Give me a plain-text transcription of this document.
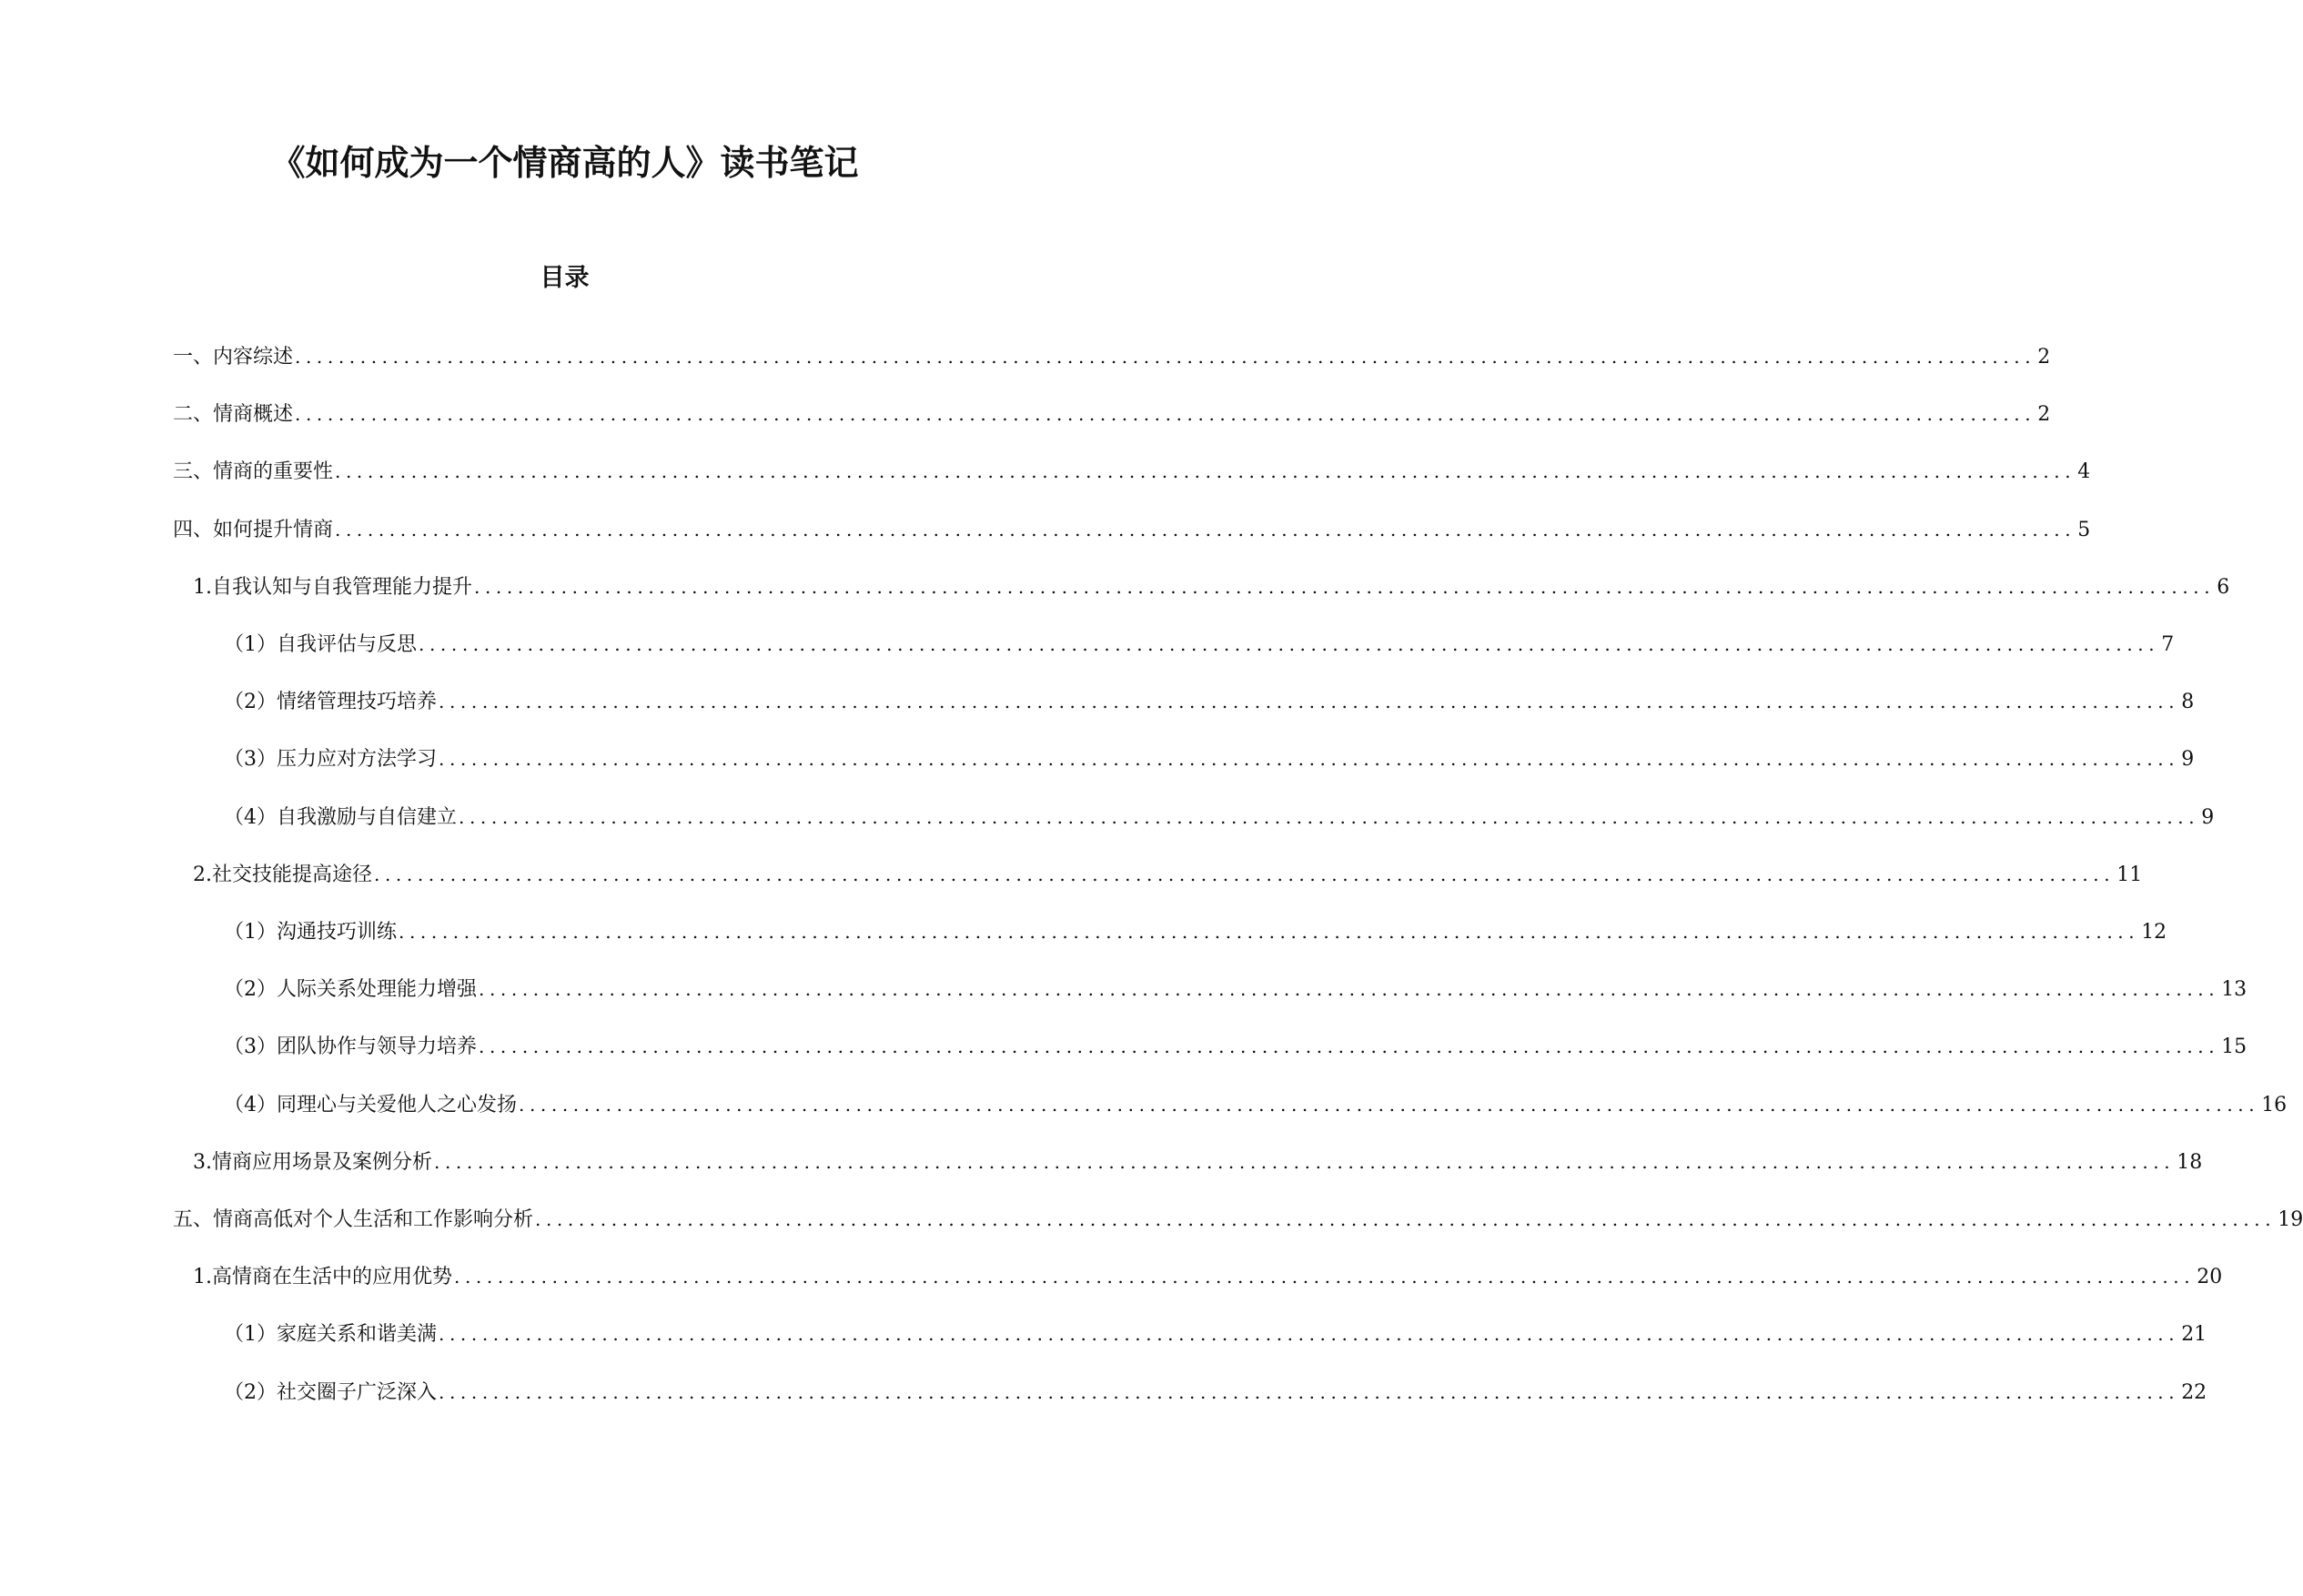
《如何成为一个情商高的人》读书笔记
目录
一、内容综述 ................................................................................................................................................................ 2
二、情商概述 ................................................................................................................................................................ 2
三、情商的重要性 ................................................................................................................................................................ 4
四、如何提升情商 ................................................................................................................................................................ 5
1. 自我认知与自我管理能力提升 ................................................................................................................................................................ 6
（1）自我评估与反思 ................................................................................................................................................................ 7
（2）情绪管理技巧培养 ................................................................................................................................................................ 8
（3）压力应对方法学习 ................................................................................................................................................................ 9
（4）自我激励与自信建立 ................................................................................................................................................................ 9
2. 社交技能提高途径 ................................................................................................................................................................ 11
（1）沟通技巧训练 ................................................................................................................................................................ 12
（2）人际关系处理能力增强 ................................................................................................................................................................ 13
（3）团队协作与领导力培养 ................................................................................................................................................................ 15
（4）同理心与关爱他人之心发扬 ................................................................................................................................................................ 16
3. 情商应用场景及案例分析 ................................................................................................................................................................ 18
五、情商高低对个人生活和工作影响分析 ................................................................................................................................................................ 19
1. 高情商在生活中的应用优势 ................................................................................................................................................................ 20
（1）家庭关系和谐美满 ................................................................................................................................................................ 21
（2）社交圈子广泛深入 ................................................................................................................................................................ 22
